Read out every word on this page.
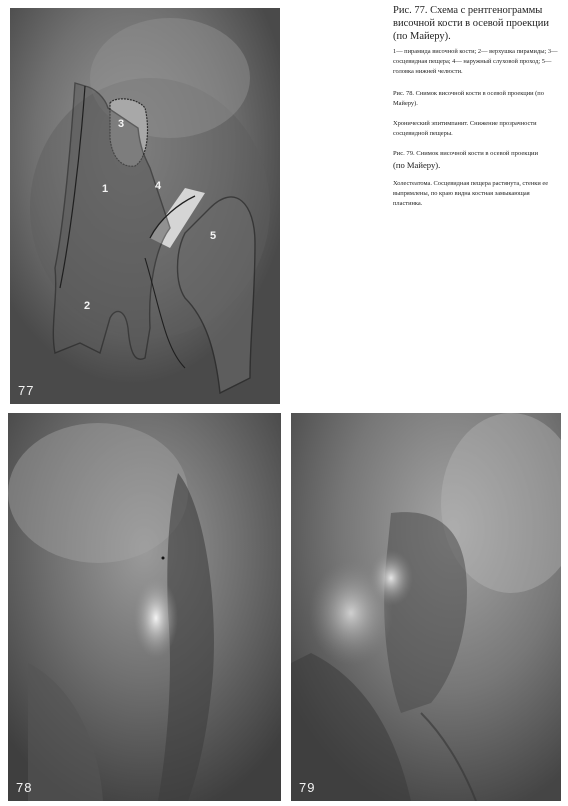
3
1	4
5
2
77

Рис. 77. Схема с рентгенограммы височной кости в осевой проекции (по Майеру).

1— пирамида височной кости; 2— верхушка пирамиды; 3— сосцевидная пещера; 4— наружный слуховой проход; 5— головка нижней челюсти.

Рис. 78. Снимок височной кости в осевой проекции (по Майеру).

Хронический эпитимпанит. Снижение прозрачности сосцевидной пещеры.

Рис. 79. Снимок височной кости в осевой проекции

(по Майеру).

Холестеатома. Сосцевидная пещера растянута, стенки ее выпрямлены, по краю видна костная замыкающая пластинка.

78	79
